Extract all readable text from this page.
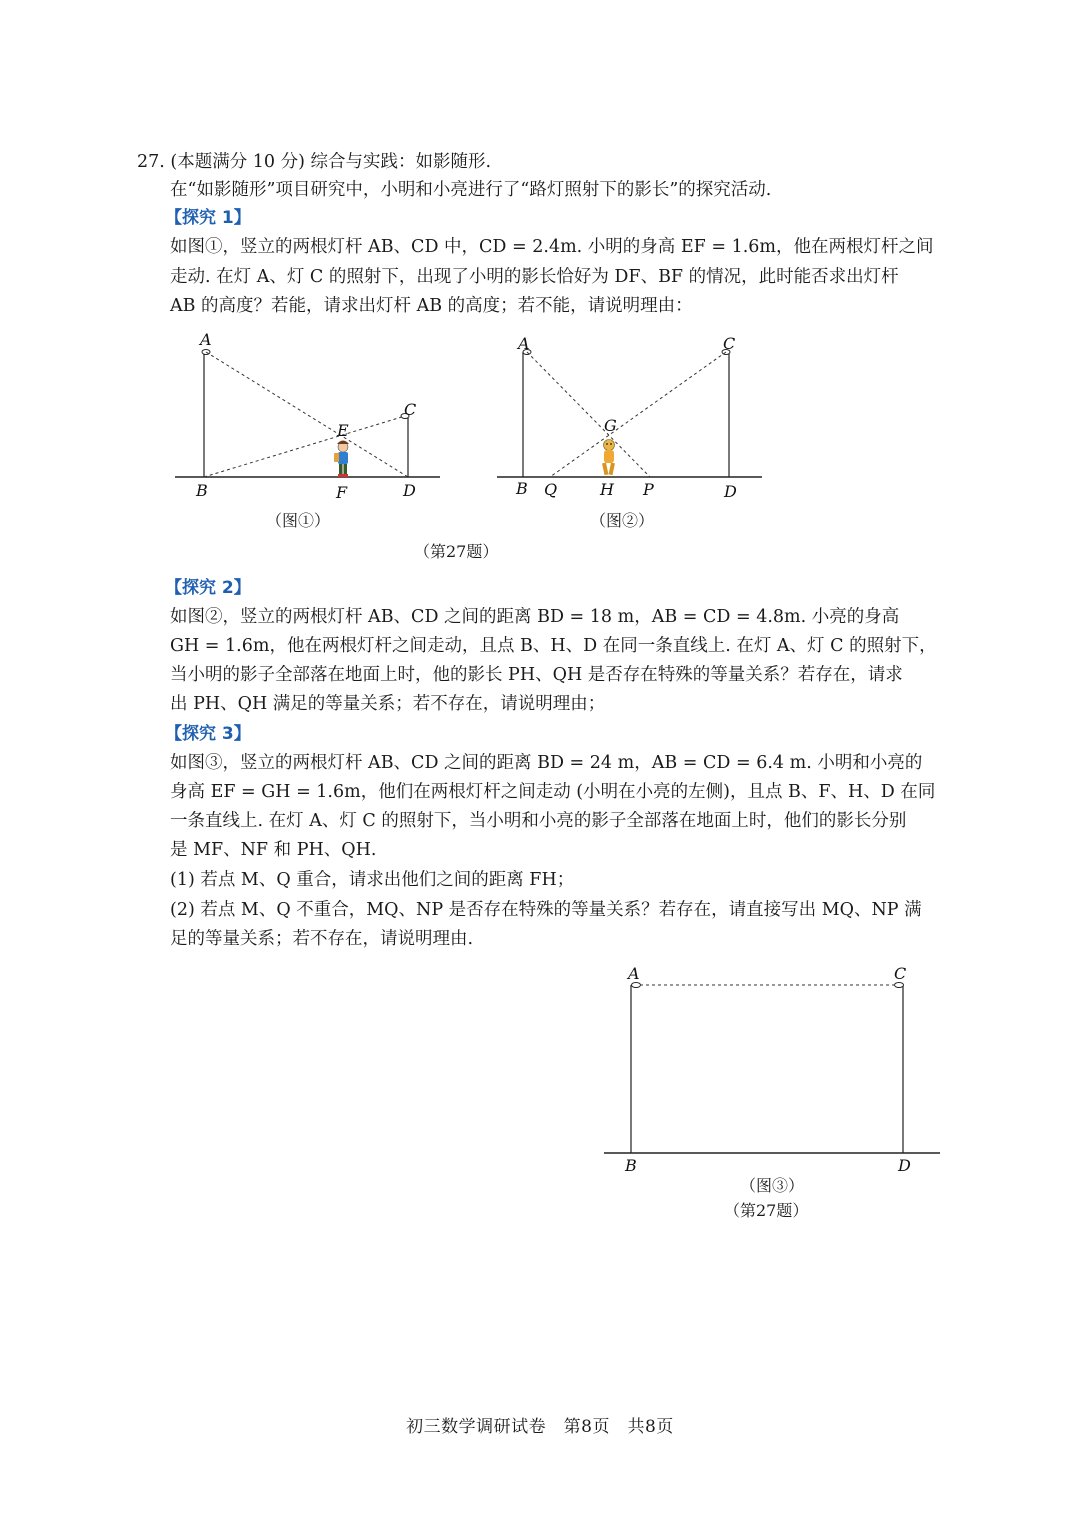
27. (本题满分 10 分) 综合与实践：如影随形.
在“如影随形”项目研究中，小明和小亮进行了“路灯照射下的影长”的探究活动.
【探究 1】
如图①，竖立的两根灯杆 AB、CD 中，CD = 2.4m. 小明的身高 EF = 1.6m，他在两根灯杆之间
走动. 在灯 A、灯 C 的照射下，出现了小明的影长恰好为 DF、BF 的情况，此时能否求出灯杆
AB 的高度？若能，请求出灯杆 AB 的高度；若不能，请说明理由：
A
B
C
D
E
F
A
B
C
D
G
H P
Q
（图①）	（图②）
（第27题）
【探究 2】
如图②，竖立的两根灯杆 AB、CD 之间的距离 BD = 18 m，AB = CD = 4.8m. 小亮的身高
GH = 1.6m，他在两根灯杆之间走动，且点 B、H、D 在同一条直线上. 在灯 A、灯 C 的照射下，
当小明的影子全部落在地面上时，他的影长 PH、QH 是否存在特殊的等量关系？若存在，请求
出 PH、QH 满足的等量关系；若不存在，请说明理由；
【探究 3】
如图③，竖立的两根灯杆 AB、CD 之间的距离 BD = 24 m，AB = CD = 6.4 m. 小明和小亮的
身高 EF = GH = 1.6m，他们在两根灯杆之间走动 (小明在小亮的左侧)，且点 B、F、H、D 在同
一条直线上. 在灯 A、灯 C 的照射下，当小明和小亮的影子全部落在地面上时，他们的影长分别
是 MF、NF 和 PH、QH.
(1) 若点 M、Q 重合，请求出他们之间的距离 FH；
(2) 若点 M、Q 不重合，MQ、NP 是否存在特殊的等量关系？若存在，请直接写出 MQ、NP 满
足的等量关系；若不存在，请说明理由.
A
B
C
D
（图③）
（第27题）
初三数学调研试卷　第8页　共8页
